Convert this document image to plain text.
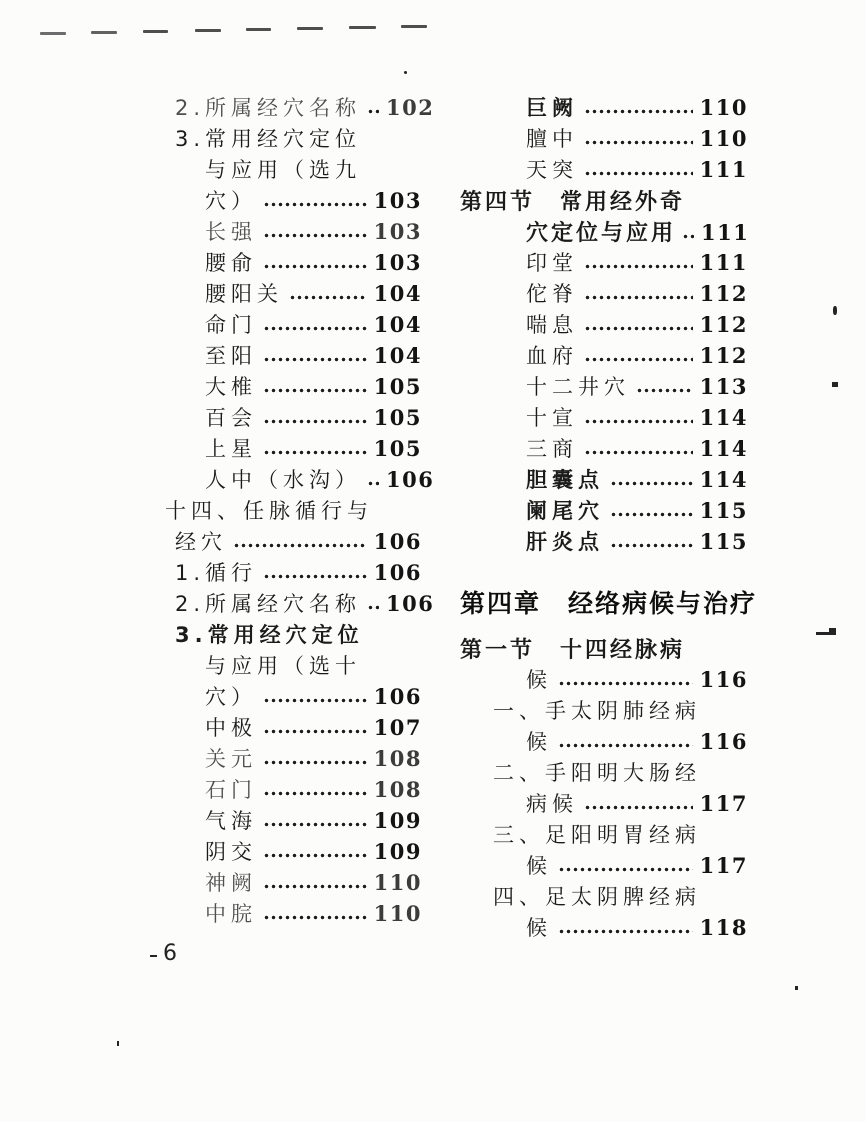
2.所属经穴名称 102
3.常用经穴定位
与应用（选九
穴）	103
长强	103
腰俞	103
腰阳关	104
命门	104
至阳	104
大椎	105
百会	105
上星	105
人中（水沟） 106
十四、任脉循行与
经穴	106
1.循行	106
2.所属经穴名称 106
3.常用经穴定位
与应用（选十
穴）	106
中极	107
关元	108
石门	108
气海	109
阴交	109
神阙	110
中脘	110
巨阙	110
膻中	110
天突	111
第四节　常用经外奇
穴定位与应用 111
印堂	111
佗脊	112
喘息	112
血府	112
十二井穴	113
十宣	114
三商	114
胆囊点	114
阑尾穴	115
肝炎点	115
第四章　经络病候与治疗
第一节　十四经脉病
候	116
一、手太阴肺经病
候	116
二、手阳明大肠经
病候	117
三、足阳明胃经病
候	117
四、足太阴脾经病
候	118
6
